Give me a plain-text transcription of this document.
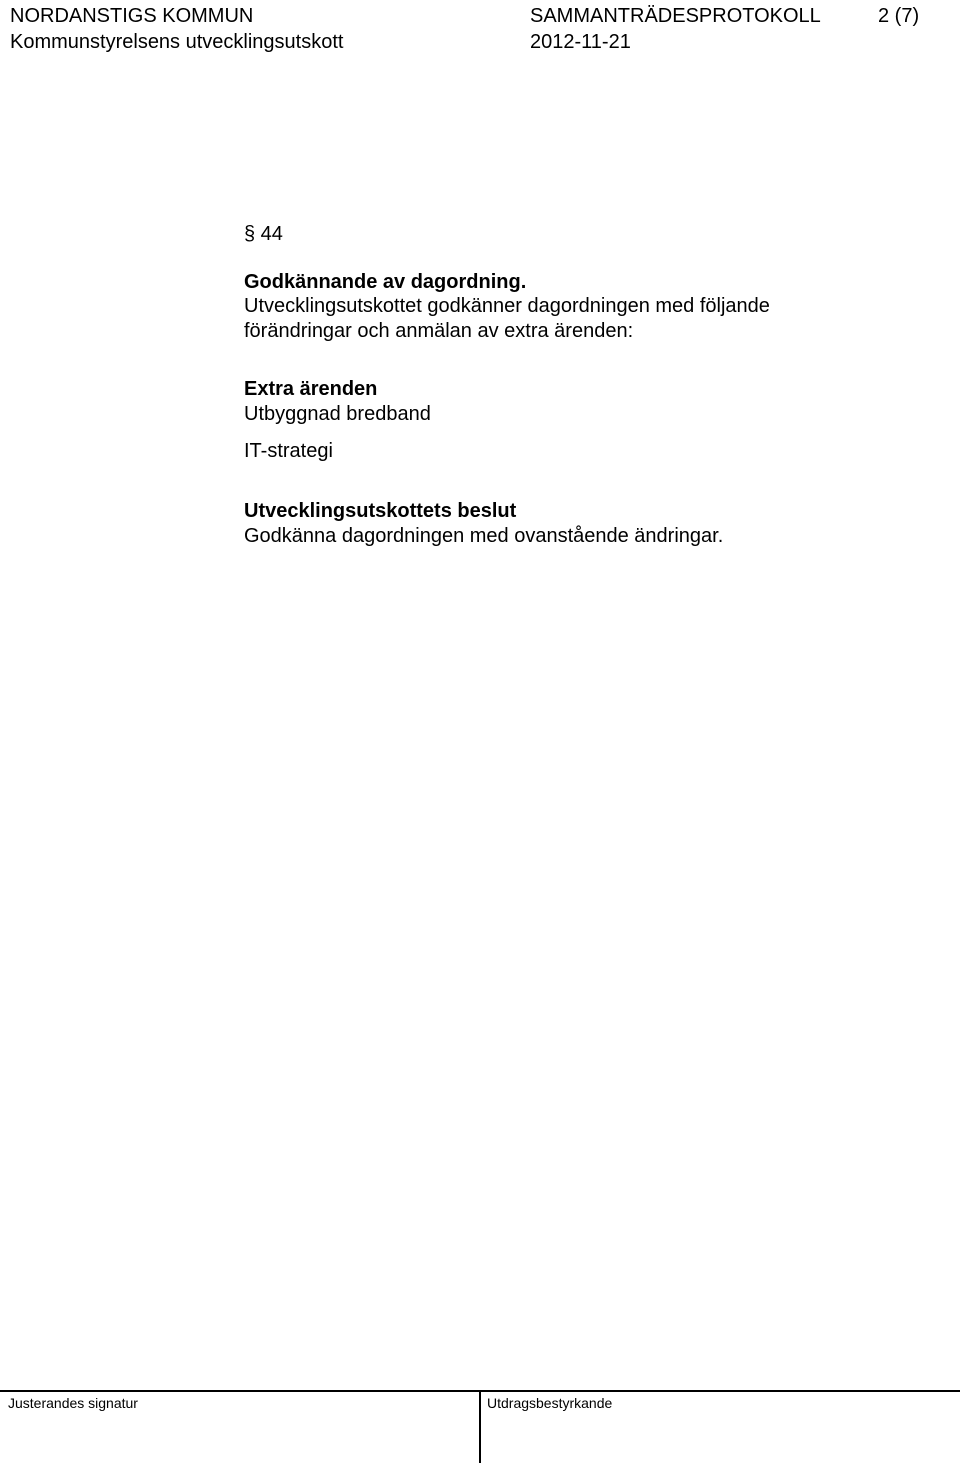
NORDANSTIGS KOMMUN
Kommunstyrelsens utvecklingsutskott
SAMMANTRÄDESPROTOKOLL
2012-11-21
2 (7)
§ 44
Godkännande av dagordning.
Utvecklingsutskottet godkänner dagordningen med följande
förändringar och anmälan av extra ärenden:
Extra ärenden
Utbyggnad bredband
IT-strategi
Utvecklingsutskottets beslut
Godkänna dagordningen med ovanstående ändringar.
Justerandes signatur	Utdragsbestyrkande
